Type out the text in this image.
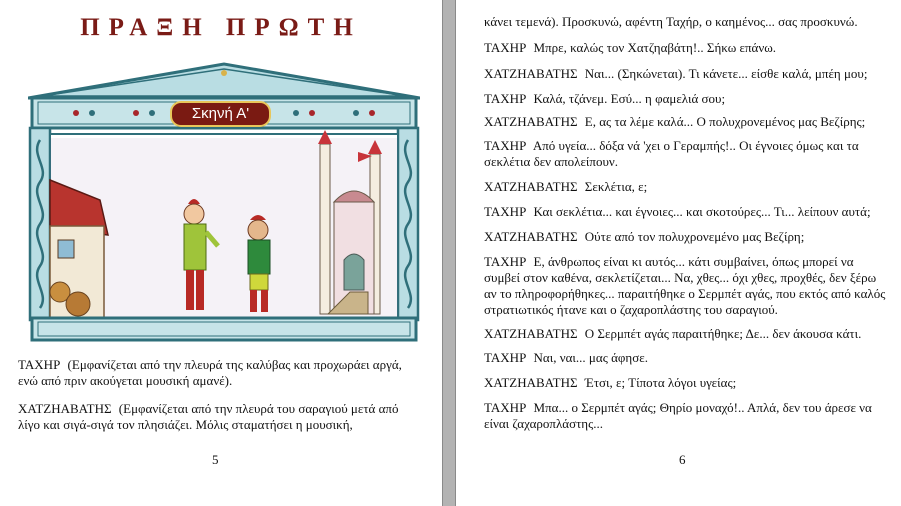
ΠΡΑΞΗ ΠΡΩΤΗ
Σκηνή Α'

ΤΑΧΗΡ (Εμφανίζεται από την πλευρά της καλύβας και προχωράει αργά, ενώ από πριν ακούγεται μουσική αμανέ).

ΧΑΤΖΗΑΒΑΤΗΣ (Εμφανίζεται από την πλευρά του σαραγιού μετά από λίγο και σιγά-σιγά τον πλησιάζει. Μόλις σταματήσει η μουσική,

5

κάνει τεμενά). Προσκυνώ, αφέντη Ταχήρ, ο καημένος... σας προσκυνώ.

ΤΑΧΗΡ Μπρε, καλώς τον Χατζηαβάτη!.. Σήκω επάνω.

ΧΑΤΖΗΑΒΑΤΗΣ Ναι... (Σηκώνεται). Τι κάνετε... είσθε καλά, μπέη μου;

ΤΑΧΗΡ Καλά, τζάνεμ. Εσύ... η φαμελιά σου;

ΧΑΤΖΗΑΒΑΤΗΣ Ε, ας τα λέμε καλά... Ο πολυχρονεμένος μας Βεζίρης;

ΤΑΧΗΡ Από υγεία... δόξα νά 'χει ο Γεραμπής!.. Οι έγνοιες όμως και τα σεκλέτια δεν απολείπουν.

ΧΑΤΖΗΑΒΑΤΗΣ Σεκλέτια, ε;

ΤΑΧΗΡ Και σεκλέτια... και έγνοιες... και σκοτούρες... Τι... λείπουν αυτά;

ΧΑΤΖΗΑΒΑΤΗΣ Ούτε από τον πολυχρονεμένο μας Βεζίρη;

ΤΑΧΗΡ Ε, άνθρωπος είναι κι αυτός... κάτι συμβαίνει, όπως μπορεί να συμβεί στον καθένα, σεκλετίζεται... Να, χθες... όχι χθες, προχθές, δεν ξέρω αν το πληροφορήθηκες... παραιτήθηκε ο Σερμπέτ αγάς, που εκτός από καλός στρατιωτικός ήτανε και ο ζαχαροπλάστης του σαραγιού.

ΧΑΤΖΗΑΒΑΤΗΣ Ο Σερμπέτ αγάς παραιτήθηκε; Δε... δεν άκουσα κάτι.

ΤΑΧΗΡ Ναι, ναι... μας άφησε.

ΧΑΤΖΗΑΒΑΤΗΣ Έτσι, ε; Τίποτα λόγοι υγείας;

ΤΑΧΗΡ Μπα... ο Σερμπέτ αγάς; Θηρίο μοναχό!.. Απλά, δεν του άρεσε να είναι ζαχαροπλάστης...

6
